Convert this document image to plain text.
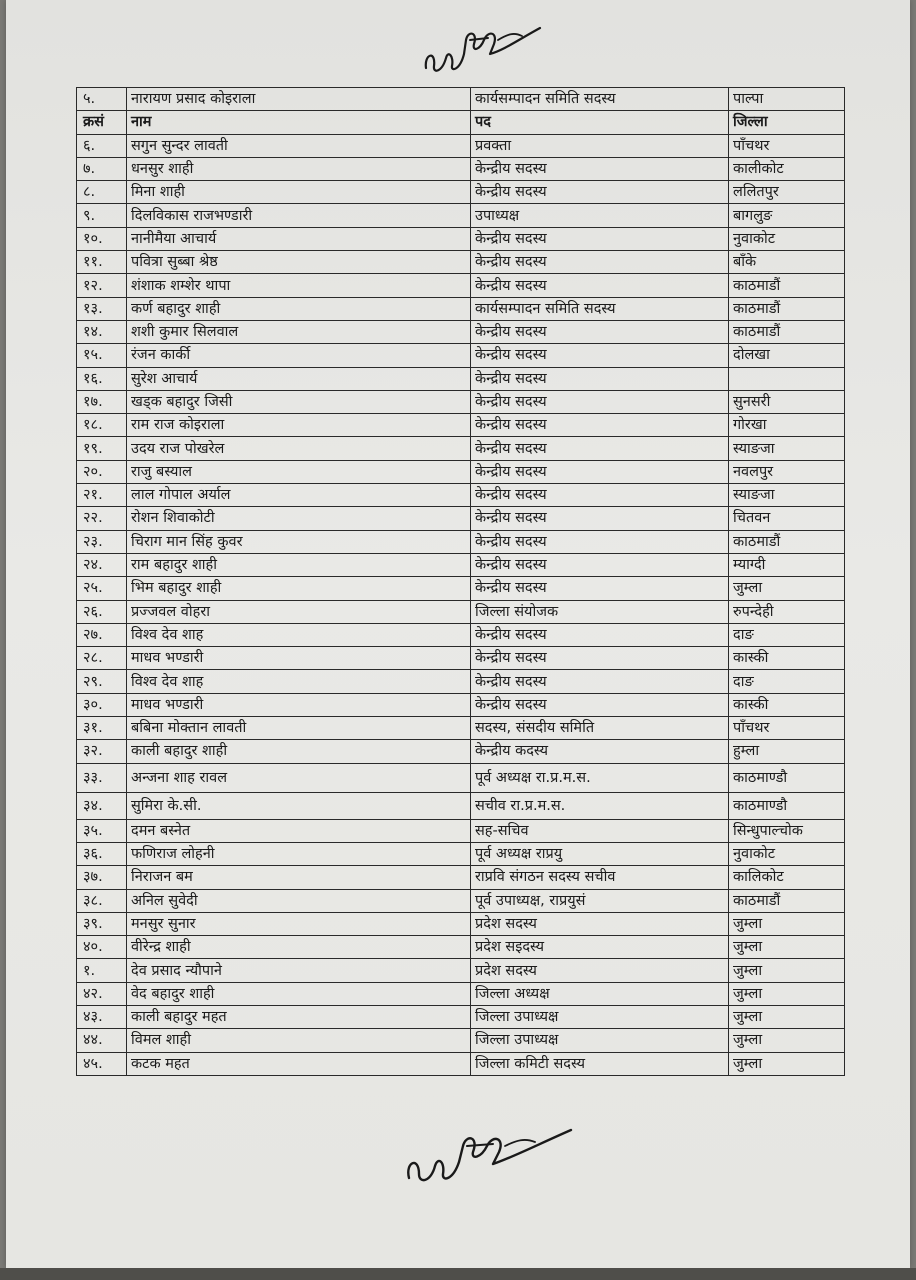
५.	नारायण प्रसाद कोइराला	कार्यसम्पादन समिति सदस्य	पाल्पा
क्रसं	नाम	पद	जिल्ला
६.	सगुन सुन्दर लावती	प्रवक्ता	पाँचथर
७.	धनसुर शाही	केन्द्रीय सदस्य	कालीकोट
८.	मिना शाही	केन्द्रीय सदस्य	ललितपुर
९.	दिलविकास राजभण्डारी	उपाध्यक्ष	बागलुङ
१०.	नानीमैया आचार्य	केन्द्रीय सदस्य	नुवाकोट
११.	पवित्रा सुब्बा श्रेष्ठ	केन्द्रीय सदस्य	बाँके
१२.	शंशाक शम्शेर थापा	केन्द्रीय सदस्य	काठमाडौं
१३.	कर्ण बहादुर शाही	कार्यसम्पादन समिति सदस्य	काठमाडौं
१४.	शशी कुमार सिलवाल	केन्द्रीय सदस्य	काठमाडौं
१५.	रंजन कार्की	केन्द्रीय सदस्य	दोलखा
१६.	सुरेश आचार्य	केन्द्रीय सदस्य	
१७.	खड्क बहादुर जिसी	केन्द्रीय सदस्य	सुनसरी
१८.	राम राज कोइराला	केन्द्रीय सदस्य	गोरखा
१९.	उदय राज पोखरेल	केन्द्रीय सदस्य	स्याङजा
२०.	राजु बस्याल	केन्द्रीय सदस्य	नवलपुर
२१.	लाल गोपाल अर्याल	केन्द्रीय सदस्य	स्याङजा
२२.	रोशन शिवाकोटी	केन्द्रीय सदस्य	चितवन
२३.	चिराग मान सिंह कुवर	केन्द्रीय सदस्य	काठमाडौं
२४.	राम बहादुर शाही	केन्द्रीय सदस्य	म्याग्दी
२५.	भिम बहादुर शाही	केन्द्रीय सदस्य	जुम्ला
२६.	प्रज्जवल वोहरा	जिल्ला संयोजक	रुपन्देही
२७.	विश्व देव शाह	केन्द्रीय सदस्य	दाङ
२८.	माधव भण्डारी	केन्द्रीय सदस्य	कास्की
२९.	विश्व देव शाह	केन्द्रीय सदस्य	दाङ
३०.	माधव भण्डारी	केन्द्रीय सदस्य	कास्की
३१.	बबिना मोक्तान लावती	सदस्य, संसदीय समिति	पाँचथर
३२.	काली बहादुर शाही	केन्द्रीय कदस्य	हुम्ला
३३.	अन्जना शाह रावल	पूर्व अध्यक्ष रा.प्र.म.स.	काठमाण्डौ
३४.	सुमिरा के.सी.	सचीव रा.प्र.म.स.	काठमाण्डौ
३५.	दमन बस्नेत	सह-सचिव	सिन्धुपाल्चोक
३६.	फणिराज लोहनी	पूर्व अध्यक्ष राप्रयु	नुवाकोट
३७.	निराजन बम	राप्रवि संगठन सदस्य सचीव	कालिकोट
३८.	अनिल सुवेदी	पूर्व उपाध्यक्ष, राप्रयुसं	काठमाडौं
३९.	मनसुर सुनार	प्रदेश सदस्य	जुम्ला
४०.	वीरेन्द्र शाही	प्रदेश सइदस्य	जुम्ला
१.	देव प्रसाद न्यौपाने	प्रदेश सदस्य	जुम्ला
४२.	वेद बहादुर शाही	जिल्ला अध्यक्ष	जुम्ला
४३.	काली बहादुर महत	जिल्ला उपाध्यक्ष	जुम्ला
४४.	विमल शाही	जिल्ला उपाध्यक्ष	जुम्ला
४५.	कटक महत	जिल्ला कमिटी सदस्य	जुम्ला
